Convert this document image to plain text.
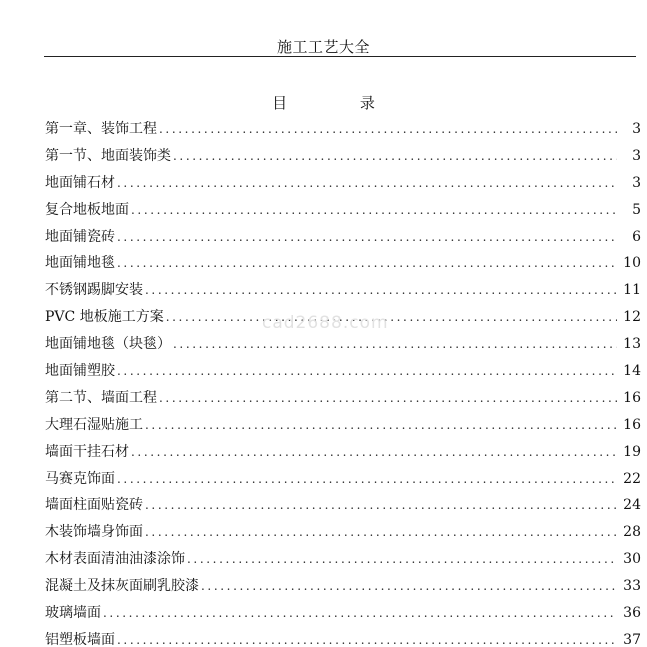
施工工艺大全
目 录
第一章、装饰工程 .....	3
第一节、地面装饰类 .....	3
地面铺石材 .....	3
复合地板地面 .....	5
地面铺瓷砖 .....	6
地面铺地毯 .....	10
不锈钢踢脚安装 .....	11
PVC 地板施工方案 .....	12
地面铺地毯（块毯） .....	13
地面铺塑胶 .....	14
第二节、墙面工程 .....	16
大理石湿贴施工 .....	16
墙面干挂石材 .....	19
马赛克饰面 .....	22
墙面柱面贴瓷砖 .....	24
木装饰墙身饰面 .....	28
木材表面清油油漆涂饰 .....	30
混凝土及抹灰面刷乳胶漆 .....	33
玻璃墙面 .....	36
铝塑板墙面 .....	37
cad2688.com
